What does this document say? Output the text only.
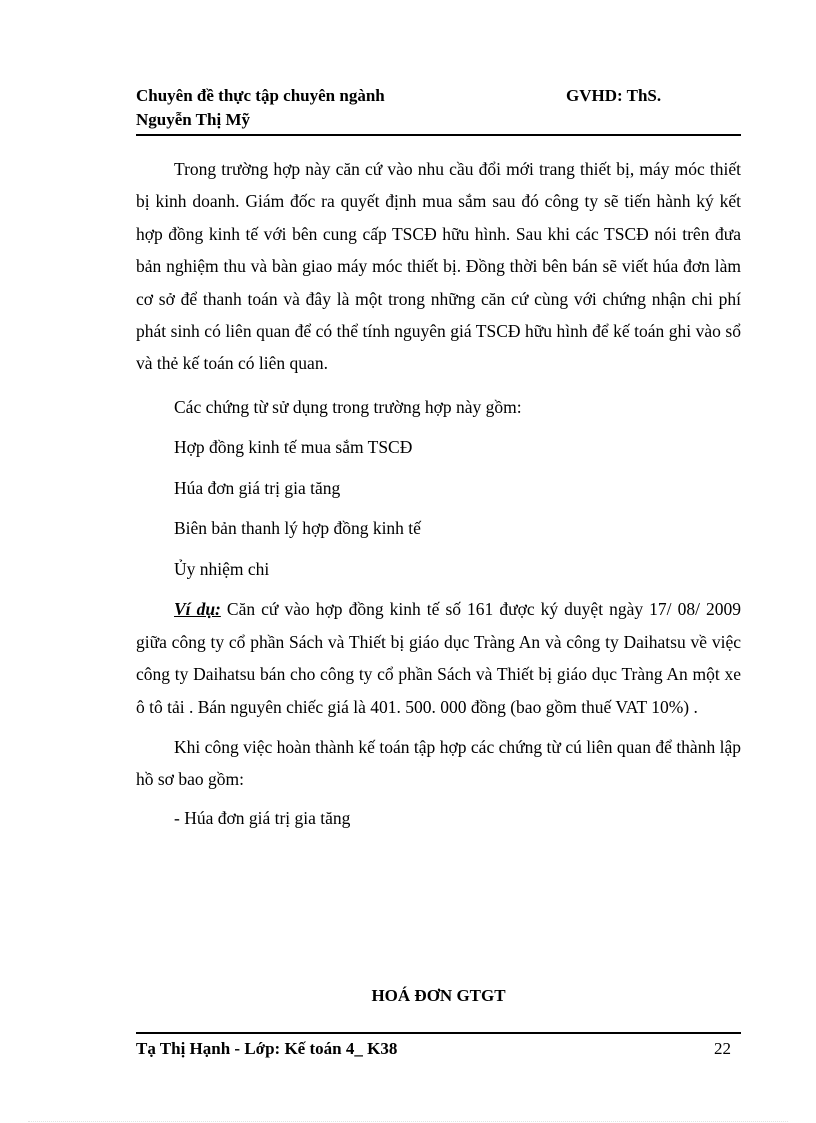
Chuyên đề thực tập chuyên ngành	GVHD: ThS.
Nguyễn Thị Mỹ

Trong trường hợp này căn cứ vào nhu cầu đổi mới trang thiết bị, máy móc thiết bị kinh doanh. Giám đốc ra quyết định mua sắm sau đó công ty sẽ tiến hành ký kết hợp đồng kinh tế với bên cung cấp TSCĐ hữu hình. Sau khi các TSCĐ nói trên đưa bản nghiệm thu và bàn giao máy móc thiết bị. Đồng thời bên bán sẽ viết húa đơn làm cơ sở để thanh toán và đây là một trong những căn cứ cùng với chứng nhận chi phí phát sinh có liên quan để có thể tính nguyên giá TSCĐ hữu hình để kế toán ghi vào sổ và thẻ kế toán có liên quan.

Các chứng từ sử dụng trong trường hợp này gồm:
Hợp đồng kinh tế mua sắm TSCĐ
Húa đơn giá trị gia tăng
Biên bản thanh lý hợp đồng kinh tế
Ủy nhiệm chi

Ví dụ: Căn cứ vào hợp đồng kinh tế số 161 được ký duyệt ngày 17/ 08/ 2009 giữa công ty cổ phần Sách và Thiết bị giáo dục Tràng An và công ty Daihatsu về việc công ty Daihatsu bán cho công ty cổ phần Sách và Thiết bị giáo dục Tràng An một xe ô tô tải . Bán nguyên chiếc giá là 401. 500. 000 đồng (bao gồm thuế VAT 10%) .

Khi công việc hoàn thành kế toán tập hợp các chứng từ cú liên quan để thành lập hồ sơ bao gồm:

- Húa đơn giá trị gia tăng
HOÁ ĐƠN GTGT
Tạ Thị Hạnh - Lớp: Kế toán 4_ K38	22
